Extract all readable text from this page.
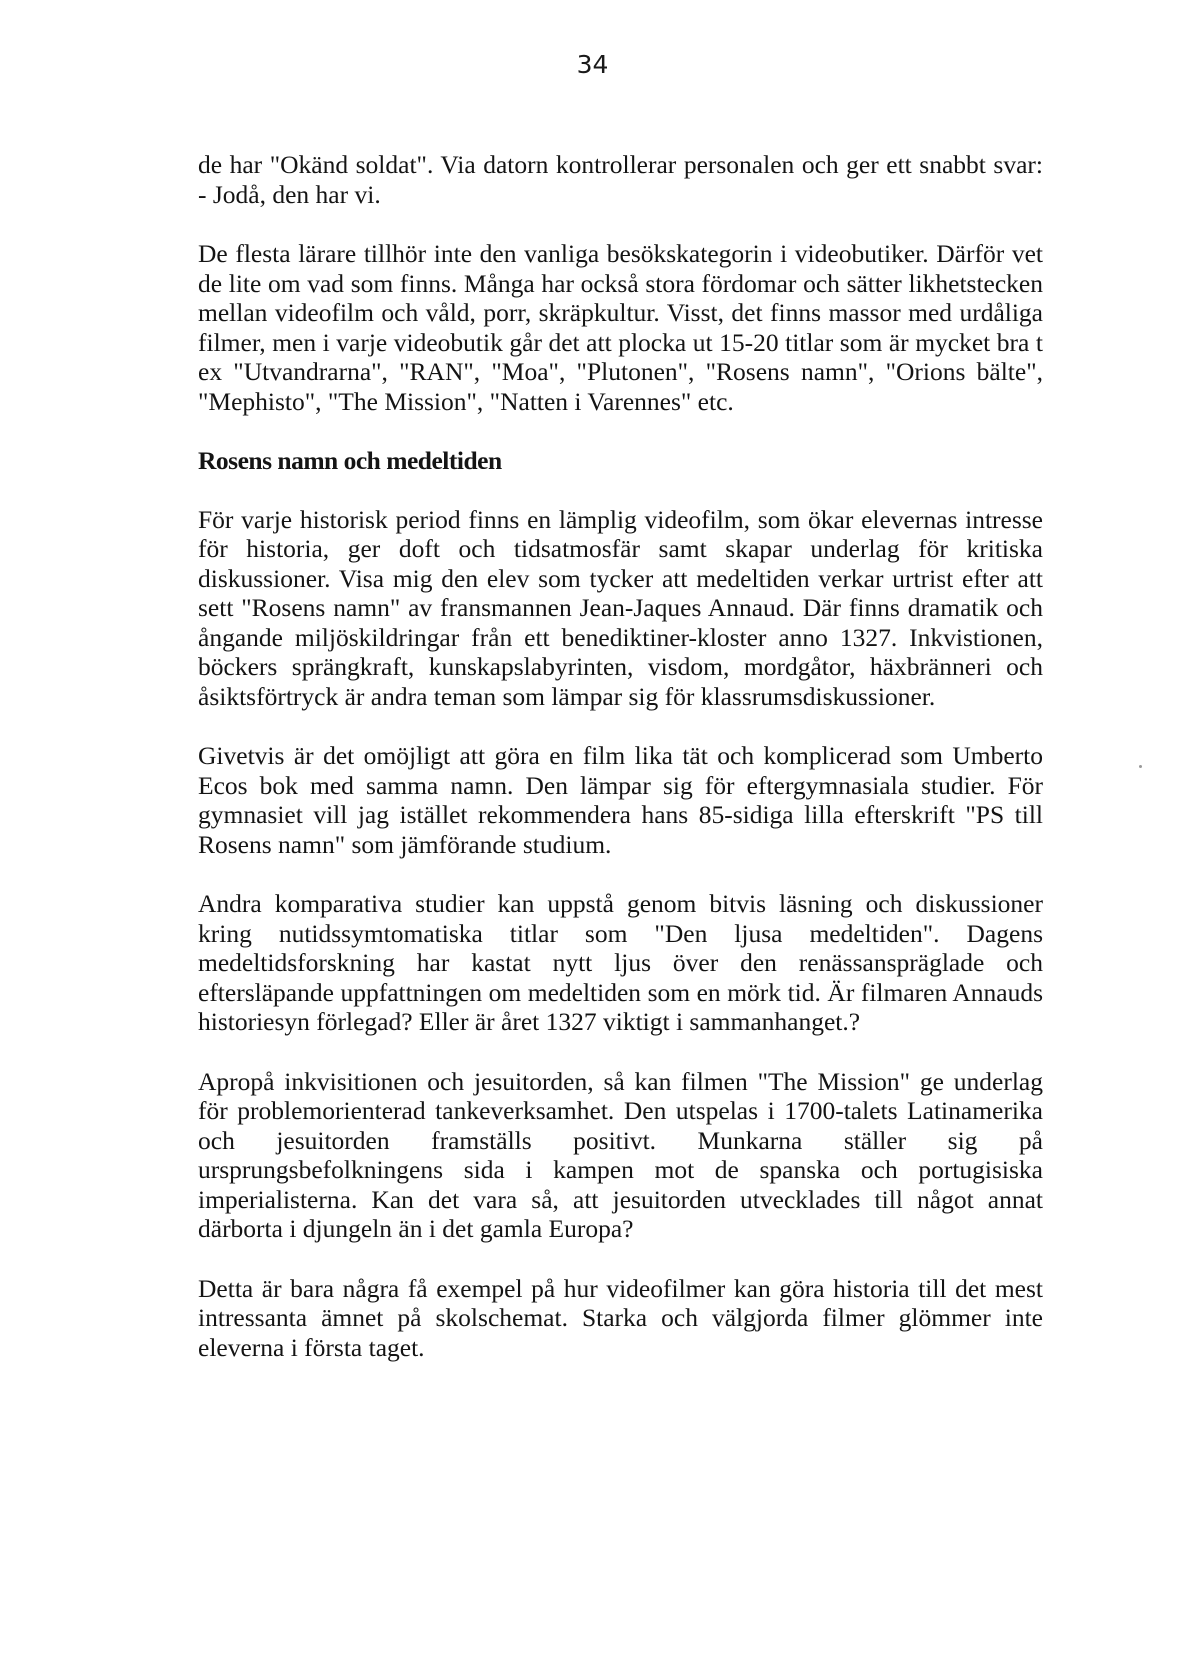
34

de har "Okänd soldat". Via datorn kontrollerar personalen och ger ett snabbt svar: - Jodå, den har vi.

De flesta lärare tillhör inte den vanliga besökskategorin i videobutiker. Därför vet de lite om vad som finns. Många har också stora fördomar och sätter likhetstecken mellan videofilm och våld, porr, skräpkultur. Visst, det finns massor med urdåliga filmer, men i varje videobutik går det att plocka ut 15-20 titlar som är mycket bra t ex "Utvandrarna", "RAN", "Moa", "Plutonen", "Rosens namn", "Orions bälte", "Mephisto", "The Mission", "Natten i Varennes" etc.

Rosens namn och medeltiden

För varje historisk period finns en lämplig videofilm, som ökar elevernas intresse för historia, ger doft och tidsatmosfär samt skapar underlag för kritiska diskussioner. Visa mig den elev som tycker att medeltiden verkar urtrist efter att sett "Rosens namn" av fransmannen Jean-Jaques Annaud. Där finns dramatik och ångande miljöskildringar från ett benediktiner-kloster anno 1327. Inkvistionen, böckers sprängkraft, kunskapslabyrinten, visdom, mordgåtor, häxbränneri och åsiktsförtryck är andra teman som lämpar sig för klassrumsdiskussioner.

Givetvis är det omöjligt att göra en film lika tät och komplicerad som Umberto Ecos bok med samma namn. Den lämpar sig för eftergymnasiala studier. För gymnasiet vill jag istället rekommendera hans 85-sidiga lilla efterskrift "PS till Rosens namn" som jämförande studium.

Andra komparativa studier kan uppstå genom bitvis läsning och diskussioner kring nutidssymtomatiska titlar som "Den ljusa medeltiden". Dagens medeltidsforskning har kastat nytt ljus över den renässanspräglade och eftersläpande uppfattningen om medeltiden som en mörk tid. Är filmaren Annauds historiesyn förlegad? Eller är året 1327 viktigt i sammanhanget.?

Apropå inkvisitionen och jesuitorden, så kan filmen "The Mission" ge underlag för problemorienterad tankeverksamhet. Den utspelas i 1700-talets Latinamerika och jesuitorden framställs positivt. Munkarna ställer sig på ursprungsbefolkningens sida i kampen mot de spanska och portugisiska imperialisterna. Kan det vara så, att jesuitorden utvecklades till något annat därborta i djungeln än i det gamla Europa?

Detta är bara några få exempel på hur videofilmer kan göra historia till det mest intressanta ämnet på skolschemat. Starka och välgjorda filmer glömmer inte eleverna i första taget.
